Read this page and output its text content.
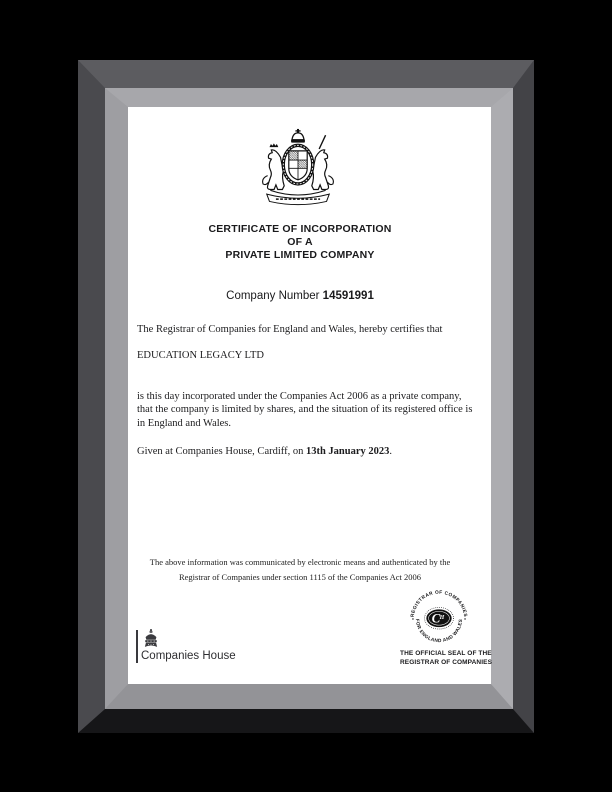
CERTIFICATE OF INCORPORATION
OF A
PRIVATE LIMITED COMPANY
Company Number 14591991
The Registrar of Companies for England and Wales, hereby certifies that
EDUCATION LEGACY LTD
is this day incorporated under the Companies Act 2006 as a private company, that the company is limited by shares, and the situation of its registered office is in England and Wales.
Given at Companies House, Cardiff, on 13th January 2023.
The above information was communicated by electronic means and authenticated by the
Registrar of Companies under section 1115 of the Companies Act 2006
Companies House
REGISTRAR OF COMPANIES
FOR ENGLAND AND WALES
C H
THE OFFICIAL SEAL OF THE
REGISTRAR OF COMPANIES
